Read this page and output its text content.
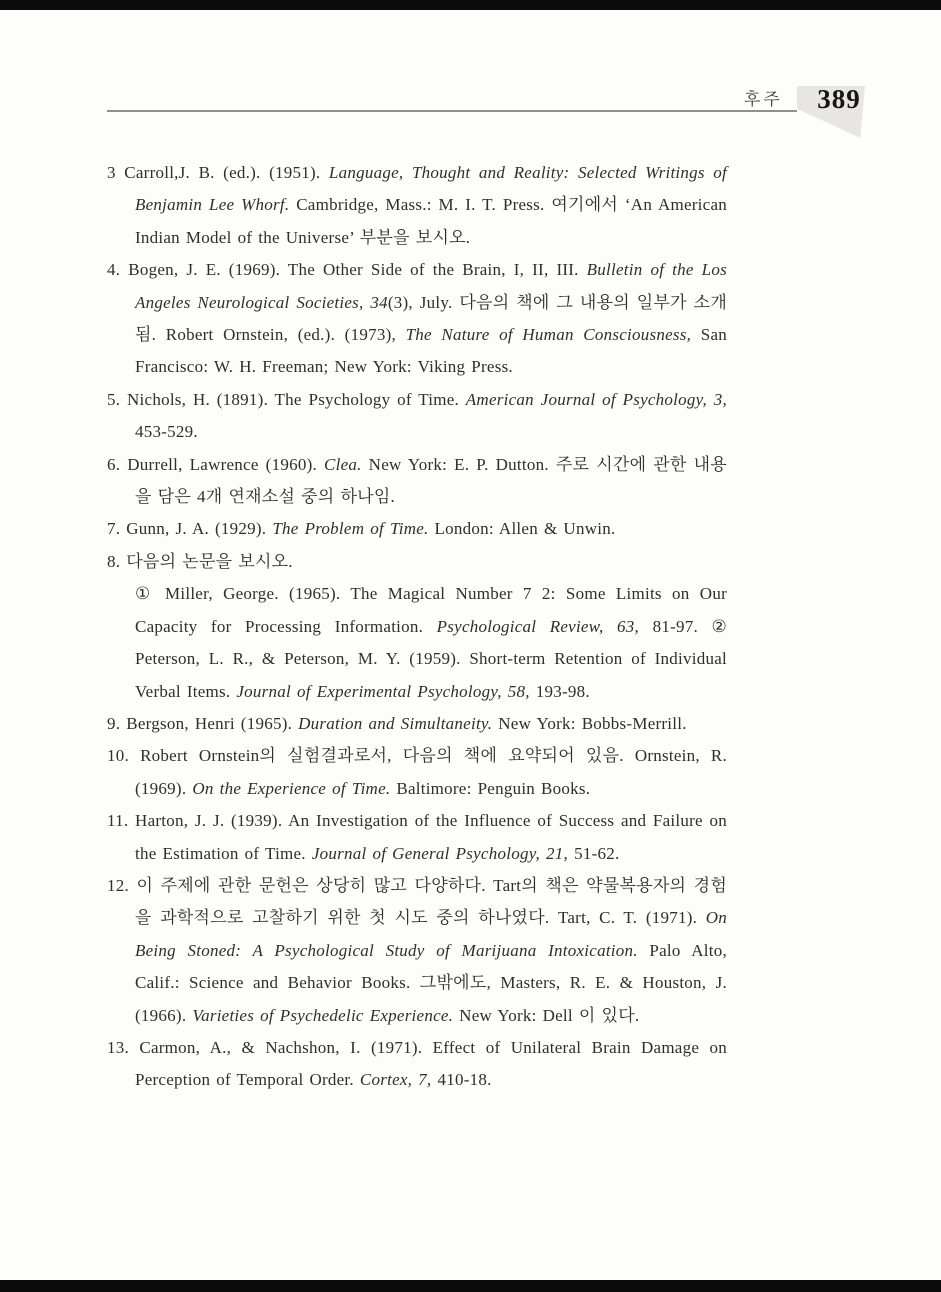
후주 389
3 Carroll,J. B. (ed.). (1951). Language, Thought and Reality: Selected Writings of Benjamin Lee Whorf. Cambridge, Mass.: M. I. T. Press. 여기에서 ‘An American Indian Model of the Universe’ 부분을 보시오.
4. Bogen, J. E. (1969). The Other Side of the Brain, I, II, III. Bulletin of the Los Angeles Neurological Societies, 34(3), July. 다음의 책에 그 내용의 일부가 소개됨. Robert Ornstein, (ed.). (1973), The Nature of Human Consciousness, San Francisco: W. H. Freeman; New York: Viking Press.
5. Nichols, H. (1891). The Psychology of Time. American Journal of Psychology, 3, 453-529.
6. Durrell, Lawrence (1960). Clea. New York: E. P. Dutton. 주로 시간에 관한 내용을 담은 4개 연재소설 중의 하나임.
7. Gunn, J. A. (1929). The Problem of Time. London: Allen & Unwin.
8. 다음의 논문을 보시오.
① Miller, George. (1965). The Magical Number 7 2: Some Limits on Our Capacity for Processing Information. Psychological Review, 63, 81-97. ② Peterson, L. R., & Peterson, M. Y. (1959). Short-term Retention of Individual Verbal Items. Journal of Experimental Psychology, 58, 193-98.
9. Bergson, Henri (1965). Duration and Simultaneity. New York: Bobbs-Merrill.
10. Robert Ornstein의 실험결과로서, 다음의 책에 요약되어 있음. Ornstein, R. (1969). On the Experience of Time. Baltimore: Penguin Books.
11. Harton, J. J. (1939). An Investigation of the Influence of Success and Failure on the Estimation of Time. Journal of General Psychology, 21, 51-62.
12. 이 주제에 관한 문헌은 상당히 많고 다양하다. Tart의 책은 약물복용자의 경험을 과학적으로 고찰하기 위한 첫 시도 중의 하나였다. Tart, C. T. (1971). On Being Stoned: A Psychological Study of Marijuana Intoxication. Palo Alto, Calif.: Science and Behavior Books. 그밖에도, Masters, R. E. & Houston, J. (1966). Varieties of Psychedelic Experience. New York: Dell 이 있다.
13. Carmon, A., & Nachshon, I. (1971). Effect of Unilateral Brain Damage on Perception of Temporal Order. Cortex, 7, 410-18.
